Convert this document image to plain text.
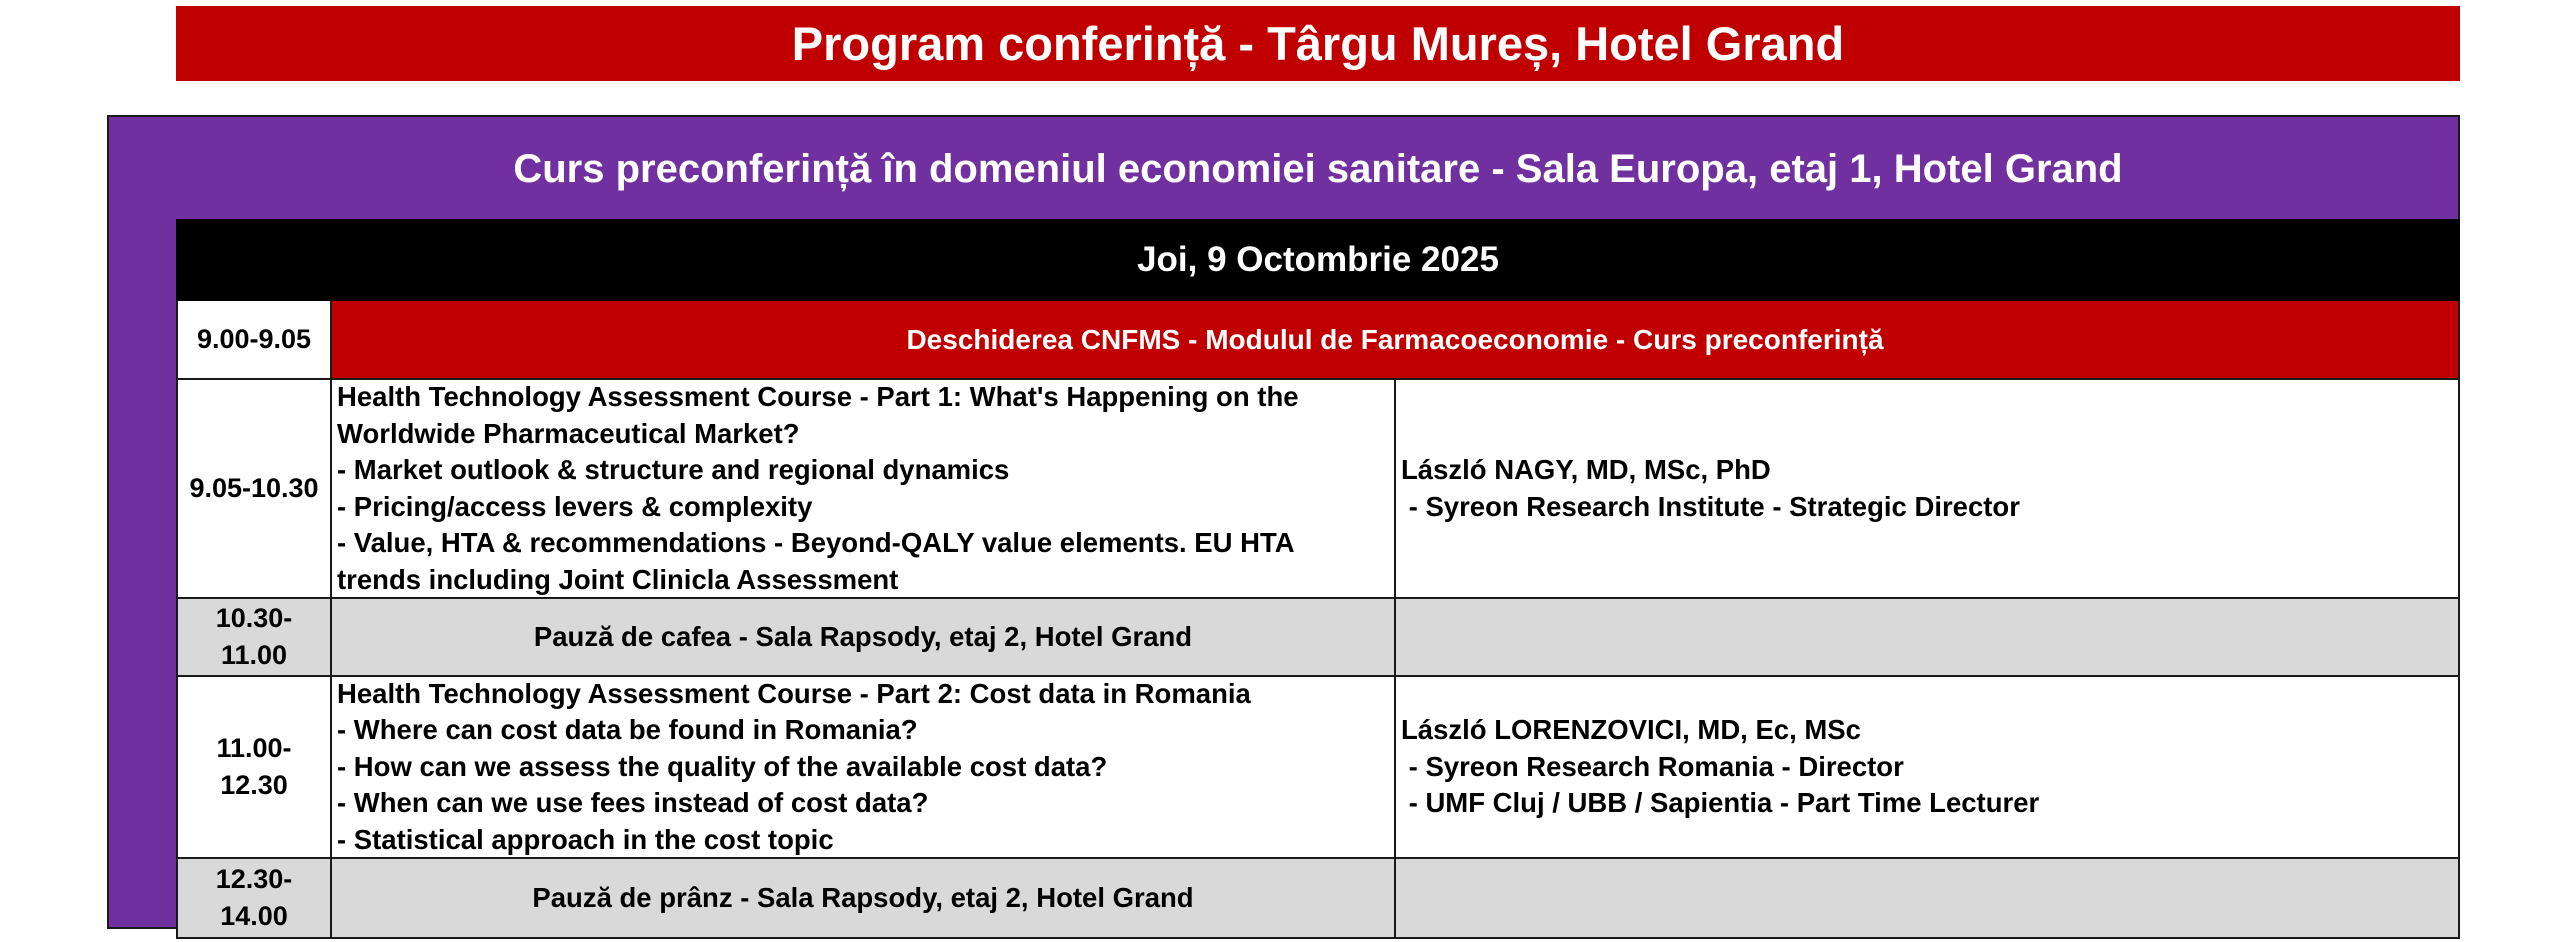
Program conferință - Târgu Mureș, Hotel Grand
Curs preconferință în domeniul economiei sanitare - Sala Europa, etaj 1, Hotel Grand
Joi, 9 Octombrie 2025
9.00-9.05	Deschiderea CNFMS - Modulul de Farmacoeconomie - Curs preconferință
9.05-10.30
Health Technology Assessment Course - Part 1: What's Happening on the
Worldwide Pharmaceutical Market?
- Market outlook & structure and regional dynamics
- Pricing/access levers & complexity
- Value, HTA & recommendations - Beyond-QALY value elements. EU HTA
trends including Joint Clinicla Assessment
László NAGY, MD, MSc, PhD
- Syreon Research Institute - Strategic Director
10.30-
11.00
Pauză de cafea - Sala Rapsody, etaj 2, Hotel Grand
11.00-
12.30
Health Technology Assessment Course - Part 2: Cost data in Romania
- Where can cost data be found in Romania?
- How can we assess the quality of the available cost data?
- When can we use fees instead of cost data?
- Statistical approach in the cost topic
László LORENZOVICI, MD, Ec, MSc
- Syreon Research Romania - Director
- UMF Cluj / UBB / Sapientia - Part Time Lecturer
12.30-
14.00
Pauză de prânz - Sala Rapsody, etaj 2, Hotel Grand
